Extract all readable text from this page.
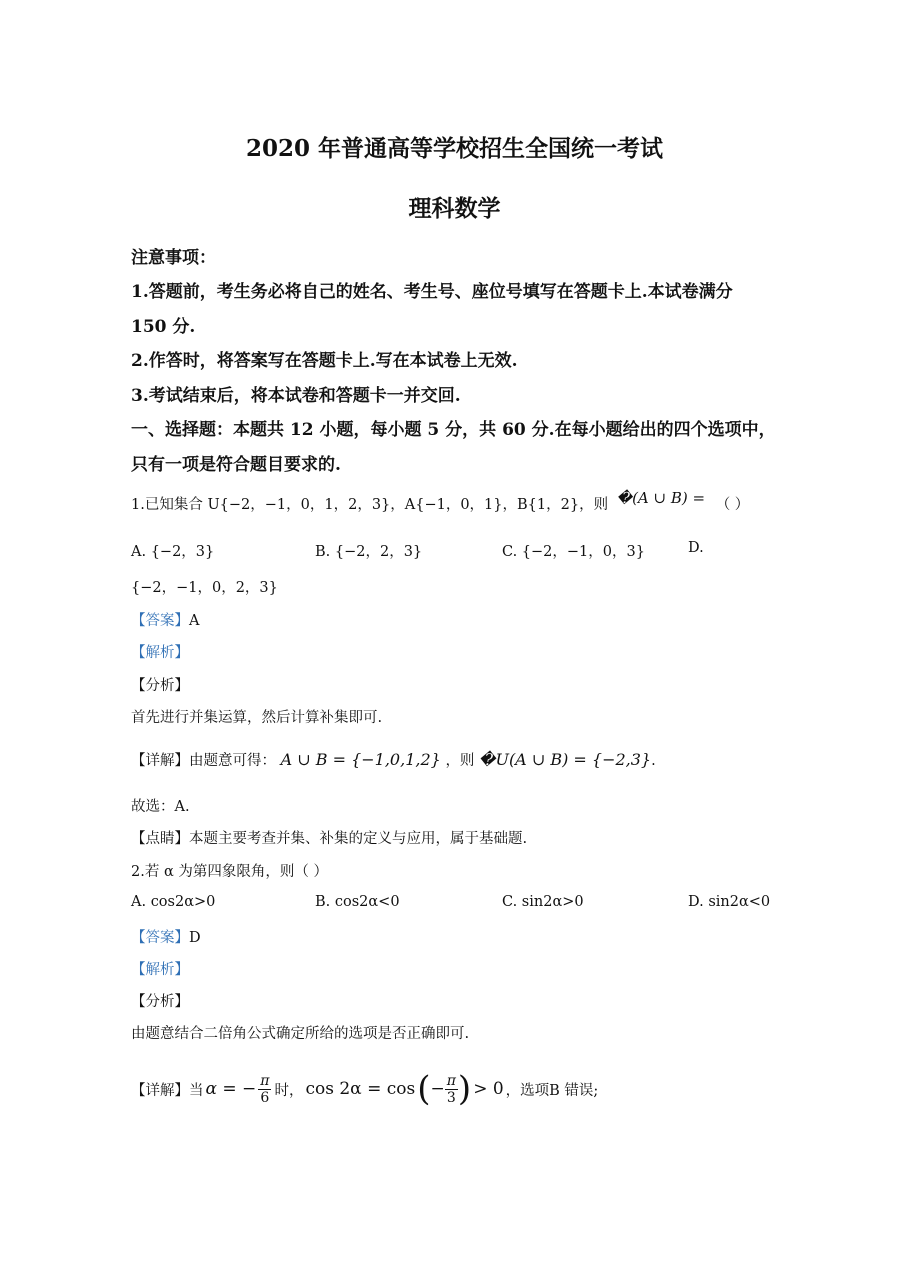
2020 年普通高等学校招生全国统一考试
理科数学
注意事项：
1.答题前，考生务必将自己的姓名、考生号、座位号填写在答题卡上.本试卷满分
150 分.
2.作答时，将答案写在答题卡上.写在本试卷上无效.
3.考试结束后，将本试卷和答题卡一并交回.
一、选择题：本题共 12 小题，每小题 5 分，共 60 分.在每小题给出的四个选项中，
只有一项是符合题目要求的.
1.已知集合 U{−2，−1，0，1，2，3}，A{−1，0，1}，B{1，2}，则 �(A ∪ B) = （ ）
A. {−2，3}	B. {−2，2，3}	C. {−2，−1，0，3}	D.
{−2，−1，0，2，3}
【答案】A
【解析】
【分析】
首先进行并集运算，然后计算补集即可.
【详解】由题意可得： A ∪ B = {−1,0,1,2} ，则 �U(A ∪ B) = {−2,3}.
故选：A.
【点睛】本题主要考查并集、补集的定义与应用，属于基础题.
2.若 α 为第四象限角，则（ ）
A. cos2α>0	B. cos2α<0	C. sin2α>0	D. sin2α<0
【答案】D
【解析】
【分析】
由题意结合二倍角公式确定所给的选项是否正确即可.
【详解】当 α = − $\frac{\pi}{6}$ 时， cos 2α = cos ( − $\frac{\pi}{3}$ ) > 0 ，选项B 错误;
